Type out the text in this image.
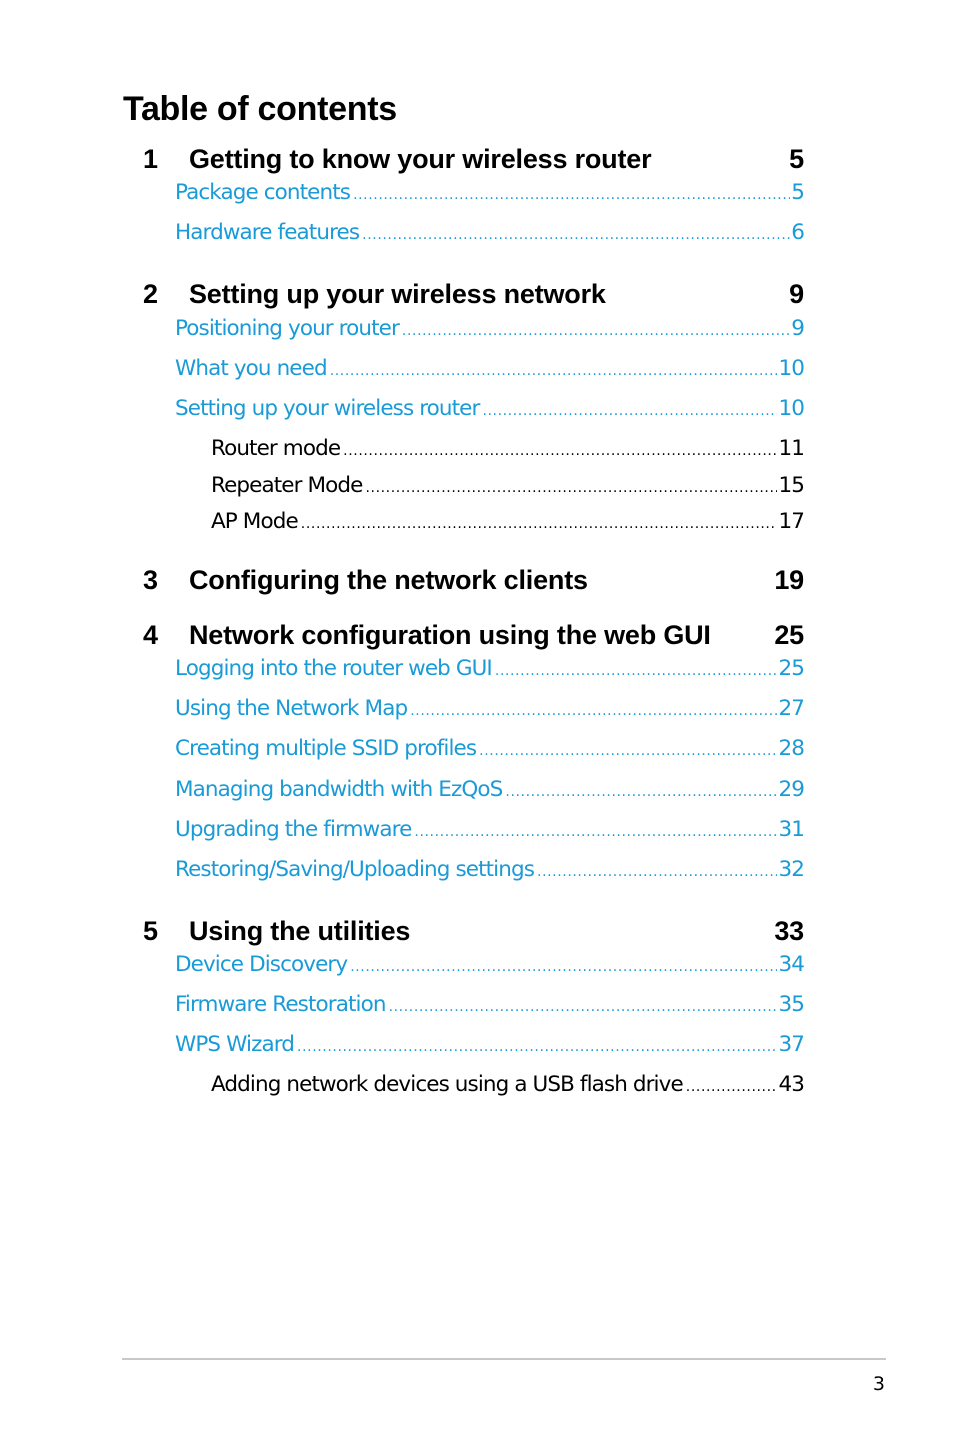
Table of contents
1 Getting to know your wireless router	5
Package contents .....	5
Hardware features .....	6
2 Setting up your wireless network	9
Positioning your router .....	9
What you need .....	10
Setting up your wireless router .....	10
Router mode .....	11
Repeater Mode .....	15
AP Mode .....	17
3 Configuring the network clients	19
4 Network configuration using the web GUI 25
Logging into the router web GUI .....	25
Using the Network Map .....	27
Creating multiple SSID profiles .....	28
Managing bandwidth with EzQoS .....	29
Upgrading the firmware .....	31
Restoring/Saving/Uploading settings .....	32
5 Using the utilities	33
Device Discovery .....	34
Firmware Restoration .....	35
WPS Wizard .....	37
Adding network devices using a USB flash drive .....	43
3
